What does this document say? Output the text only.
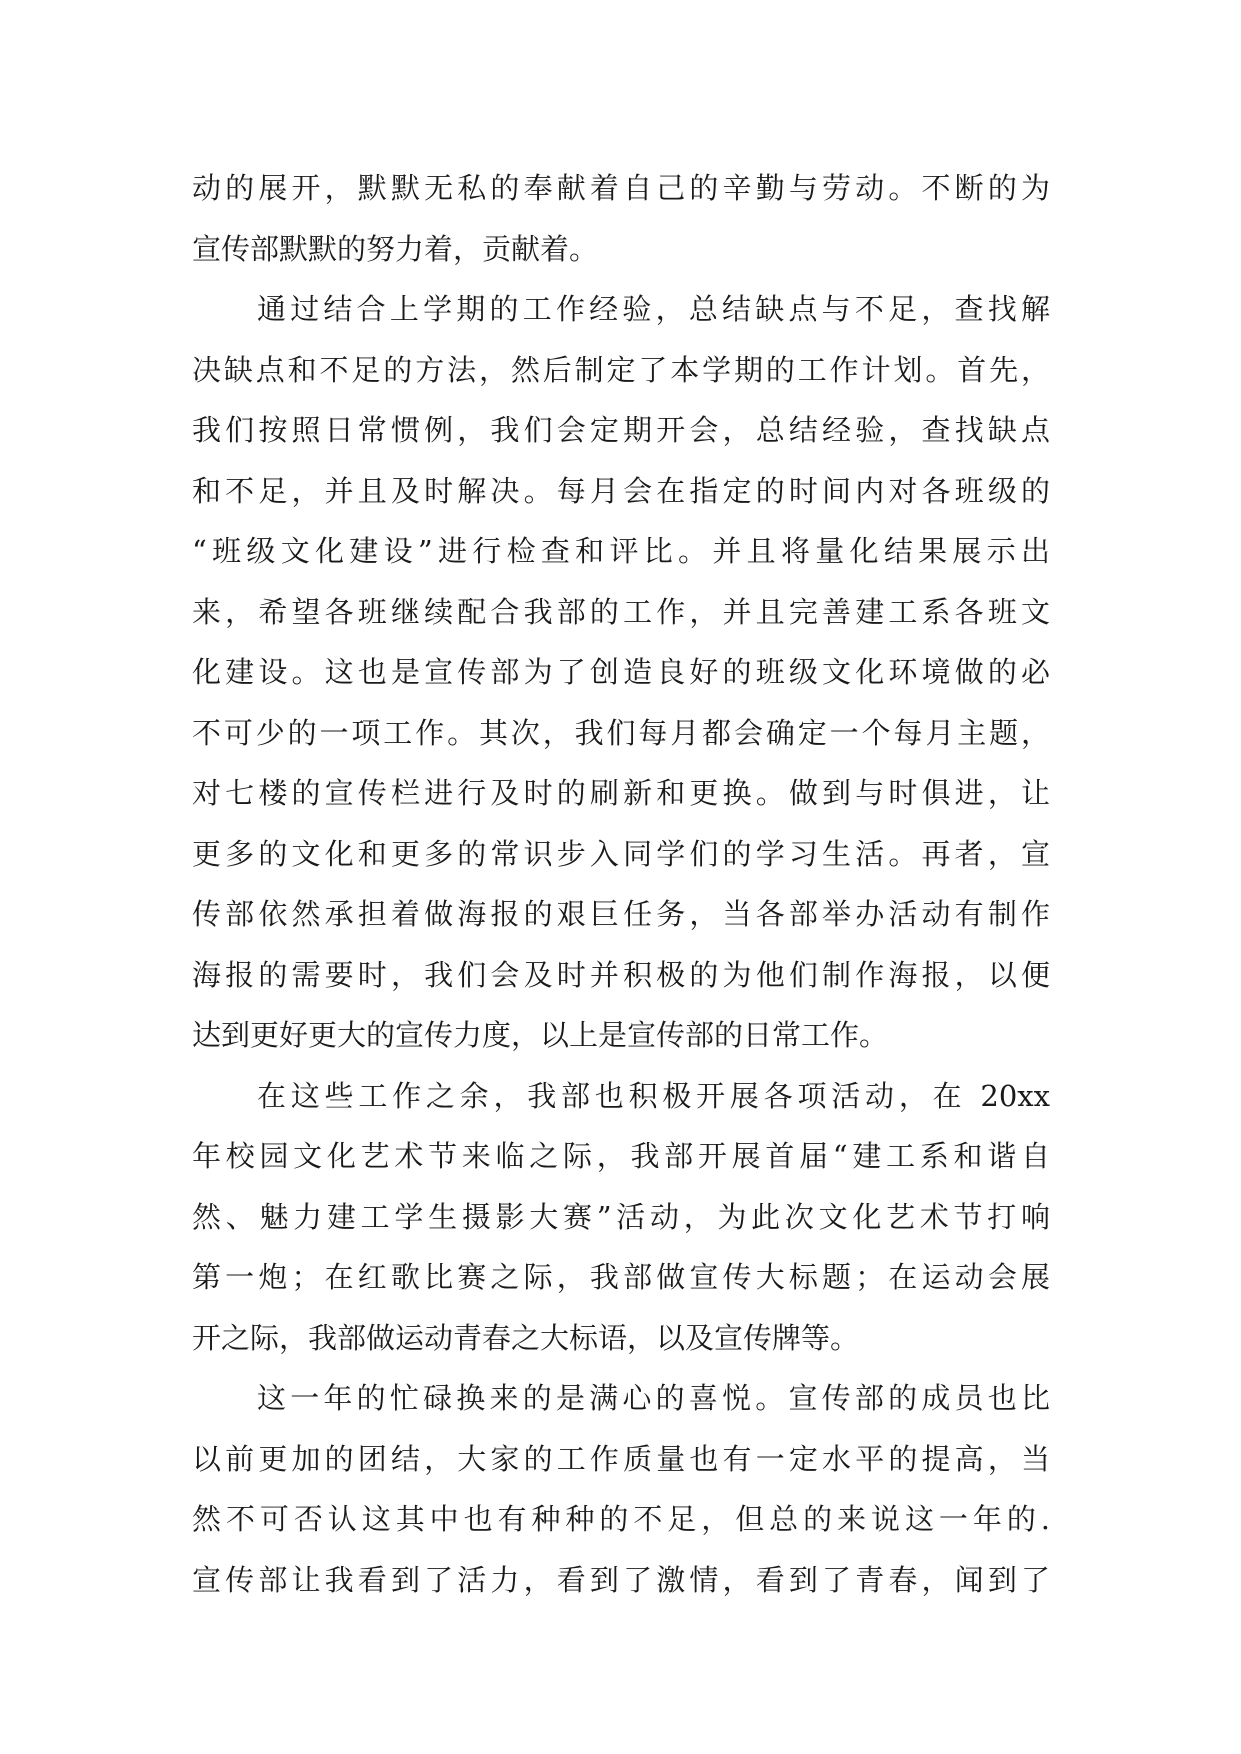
动的展开，默默无私的奉献着自己的辛勤与劳动。不断的为
宣传部默默的努力着，贡献着。
通过结合上学期的工作经验，总结缺点与不足，查找解
决缺点和不足的方法，然后制定了本学期的工作计划。首先，
我们按照日常惯例，我们会定期开会，总结经验，查找缺点
和不足，并且及时解决。每月会在指定的时间内对各班级的
“班级文化建设”进行检查和评比。并且将量化结果展示出
来，希望各班继续配合我部的工作，并且完善建工系各班文
化建设。这也是宣传部为了创造良好的班级文化环境做的必
不可少的一项工作。其次，我们每月都会确定一个每月主题，
对七楼的宣传栏进行及时的刷新和更换。做到与时俱进，让
更多的文化和更多的常识步入同学们的学习生活。再者，宣
传部依然承担着做海报的艰巨任务，当各部举办活动有制作
海报的需要时，我们会及时并积极的为他们制作海报，以便
达到更好更大的宣传力度，以上是宣传部的日常工作。
在这些工作之余，我部也积极开展各项活动，在 20xx
年校园文化艺术节来临之际，我部开展首届“建工系和谐自
然、魅力建工学生摄影大赛”活动，为此次文化艺术节打响
第一炮；在红歌比赛之际，我部做宣传大标题；在运动会展
开之际，我部做运动青春之大标语，以及宣传牌等。
这一年的忙碌换来的是满心的喜悦。宣传部的成员也比
以前更加的团结，大家的工作质量也有一定水平的提高，当
然不可否认这其中也有种种的不足，但总的来说这一年的.
宣传部让我看到了活力，看到了激情，看到了青春，闻到了
